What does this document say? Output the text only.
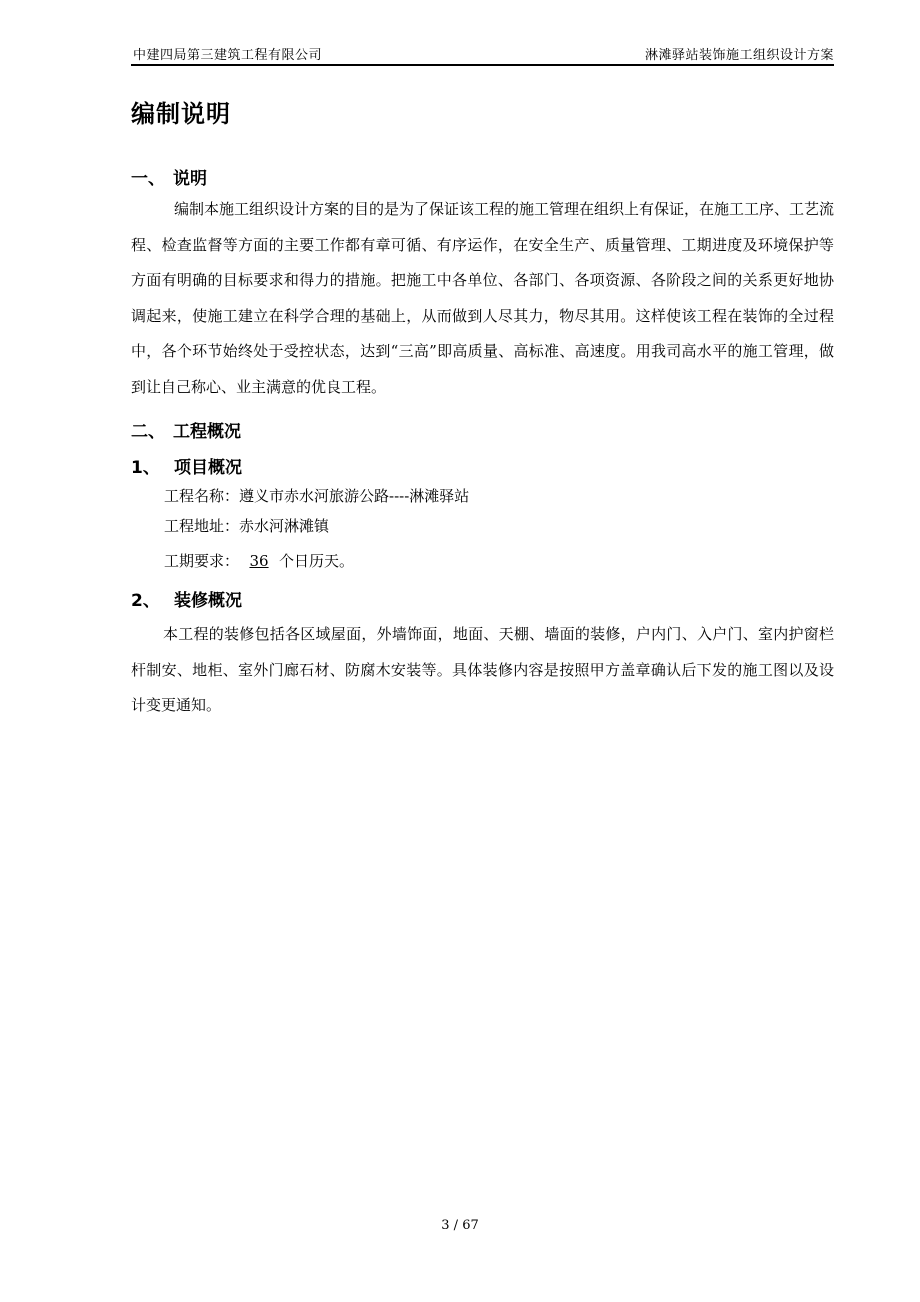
中建四局第三建筑工程有限公司	淋滩驿站装饰施工组织设计方案
编制说明
一、 说明
编制本施工组织设计方案的目的是为了保证该工程的施工管理在组织上有保证，在施工工序、工艺流程、检查监督等方面的主要工作都有章可循、有序运作，在安全生产、质量管理、工期进度及环境保护等方面有明确的目标要求和得力的措施。把施工中各单位、各部门、各项资源、各阶段之间的关系更好地协调起来，使施工建立在科学合理的基础上，从而做到人尽其力，物尽其用。这样使该工程在装饰的全过程中，各个环节始终处于受控状态，达到“三高”即高质量、高标准、高速度。用我司高水平的施工管理，做到让自己称心、业主满意的优良工程。
二、 工程概况
1、 项目概况
工程名称：遵义市赤水河旅游公路----淋滩驿站
工程地址：赤水河淋滩镇
工期要求： 36 个日历天。
2、 装修概况
本工程的装修包括各区域屋面，外墙饰面，地面、天棚、墙面的装修，户内门、入户门、室内护窗栏杆制安、地柜、室外门廊石材、防腐木安装等。具体装修内容是按照甲方盖章确认后下发的施工图以及设计变更通知。
3 / 67
